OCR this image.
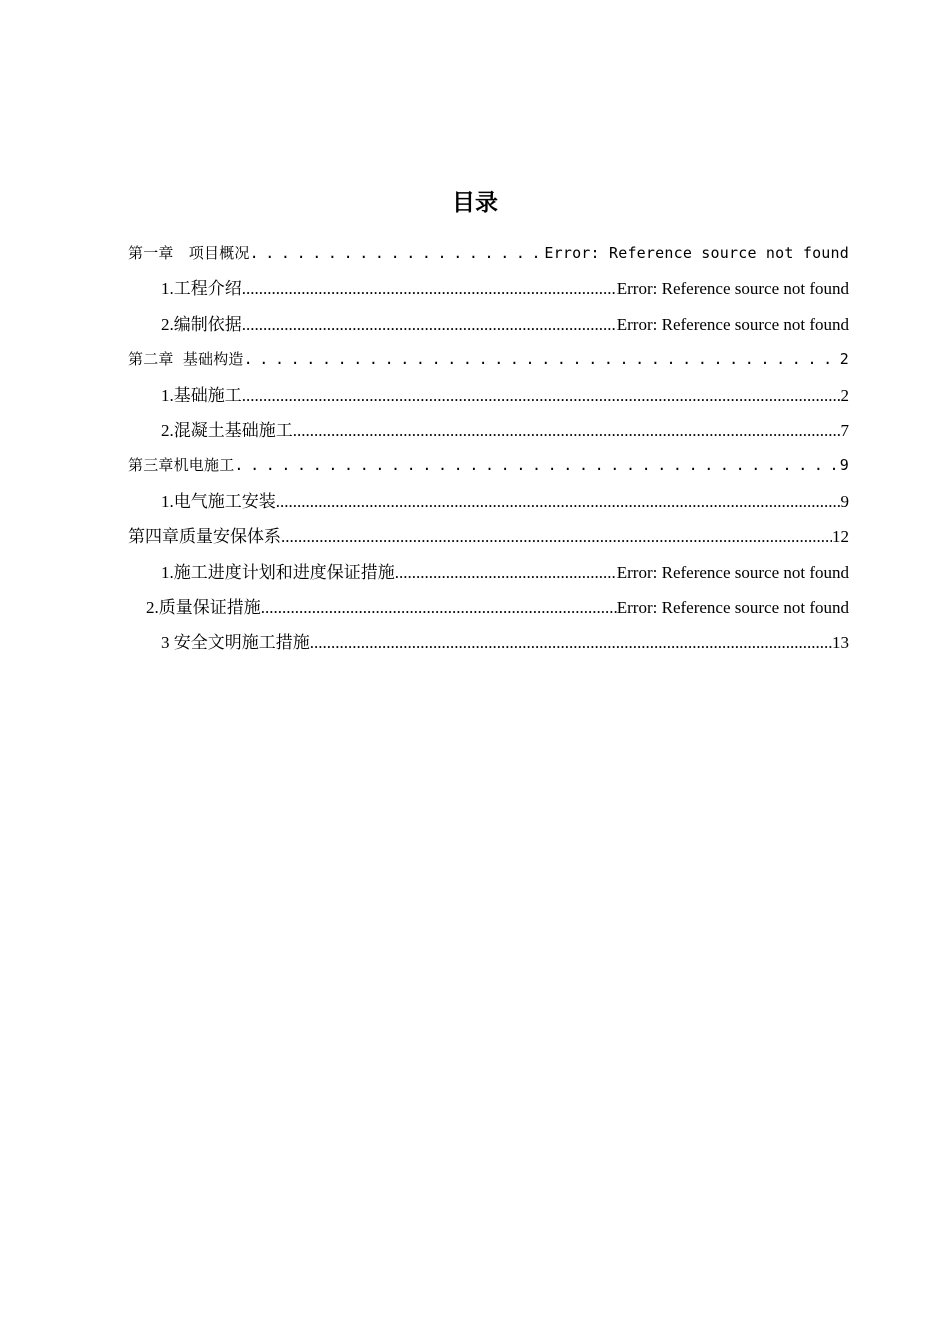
目录
第一章　项目概况 . . .	Error: Reference source not found
1.工程介绍 .....	Error: Reference source not found
2.编制依据 .....	Error: Reference source not found
第二章 基础构造 . . .	2
1.基础施工 .....	2
2.混凝土基础施工 .....	7
第三章机电施工 . . .	9
1.电气施工安装 .....	9
第四章质量安保体系 .....	12
1.施工进度计划和进度保证措施 .....	Error: Reference source not found
2.质量保证措施 .....	Error: Reference source not found
3 安全文明施工措施 .....	13
